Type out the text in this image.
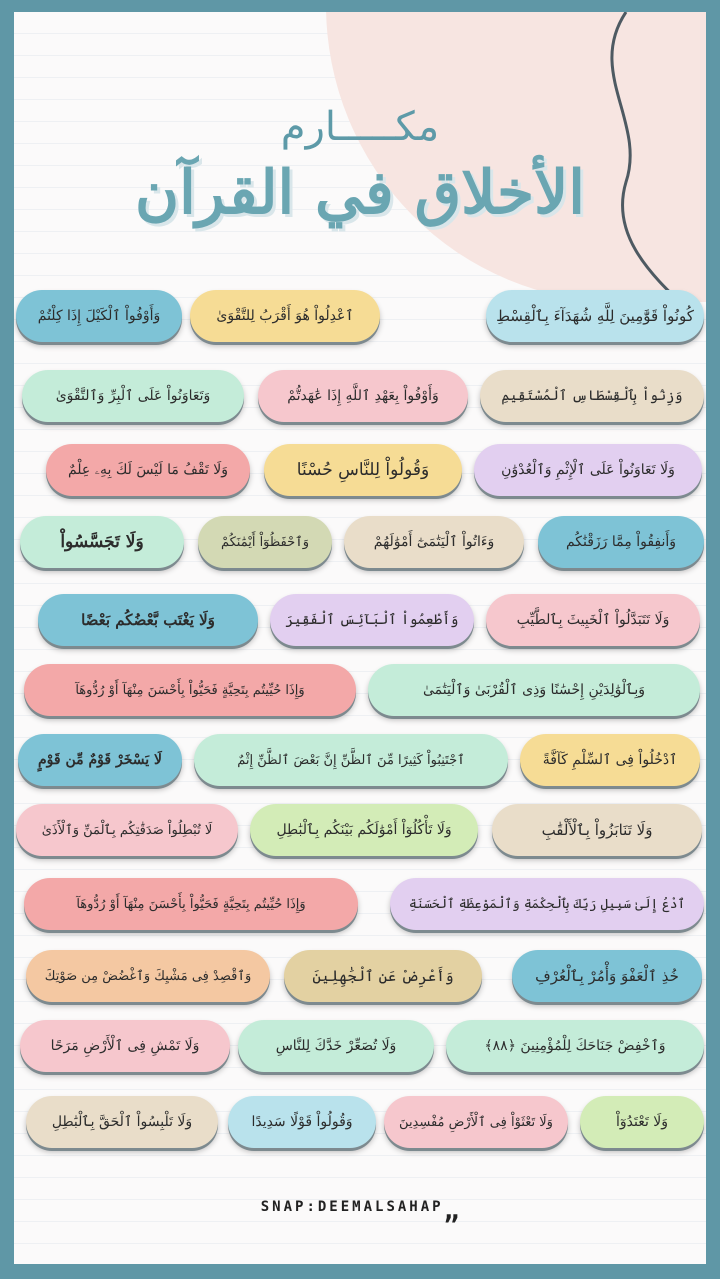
مكـــــارم
الأخلاق في القرآن
كُونُواْ قَوَّٰمِينَ لِلَّهِ شُهَدَآءَ بِٱلْقِسْطِ
ٱعْدِلُواْ هُوَ أَقْرَبُ لِلتَّقْوَىٰ
وَأَوْفُواْ ٱلْكَيْلَ إِذَا كِلْتُمْ
وَزِنُواْ بِٱلْقِسْطَاسِ ٱلْمُسْتَقِيمِ
وَأَوْفُواْ بِعَهْدِ ٱللَّهِ إِذَا عَٰهَدتُّمْ
وَتَعَاوَنُواْ عَلَى ٱلْبِرِّ وَٱلتَّقْوَىٰ
وَلَا تَعَاوَنُواْ عَلَى ٱلْإِثْمِ وَٱلْعُدْوَٰنِ
وَقُولُواْ لِلنَّاسِ حُسْنًا
وَلَا تَقْفُ مَا لَيْسَ لَكَ بِهِۦ عِلْمٌ
وَأَنفِقُواْ مِمَّا رَزَقْنَٰكُم
وَءَاتُواْ ٱلْيَتَٰمَىٰٓ أَمْوَٰلَهُمْ
وَٱحْفَظُوٓاْ أَيْمَٰنَكُمْ
وَلَا تَجَسَّسُواْ
وَلَا تَتَبَدَّلُواْ ٱلْخَبِيثَ بِٱلطَّيِّبِ
وَأَطْعِمُواْ ٱلْبَآئِسَ ٱلْفَقِيرَ
وَلَا يَغْتَب بَّعْضُكُم بَعْضًا
وَبِٱلْوَٰلِدَيْنِ إِحْسَٰنًا وَذِى ٱلْقُرْبَىٰ وَٱلْيَتَٰمَىٰ
وَإِذَا حُيِّيتُم بِتَحِيَّةٍ فَحَيُّواْ بِأَحْسَنَ مِنْهَآ أَوْ رُدُّوهَآ
ٱدْخُلُواْ فِى ٱلسِّلْمِ كَآفَّةً
ٱجْتَنِبُواْ كَثِيرًا مِّنَ ٱلظَّنِّ إِنَّ بَعْضَ ٱلظَّنِّ إِثْمٌ
لَا يَسْخَرْ قَوْمٌ مِّن قَوْمٍ
وَلَا تَنَابَزُواْ بِٱلْأَلْقَٰبِ
وَلَا تَأْكُلُوٓاْ أَمْوَٰلَكُم بَيْنَكُم بِٱلْبَٰطِلِ
لَا تُبْطِلُواْ صَدَقَٰتِكُم بِٱلْمَنِّ وَٱلْأَذَىٰ
ٱدْعُ إِلَىٰ سَبِيلِ رَبِّكَ بِٱلْحِكْمَةِ وَٱلْمَوْعِظَةِ ٱلْحَسَنَةِ
وَإِذَا حُيِّيتُم بِتَحِيَّةٍ فَحَيُّواْ بِأَحْسَنَ مِنْهَآ أَوْ رُدُّوهَآ
خُذِ ٱلْعَفْوَ وَأْمُرْ بِٱلْعُرْفِ
وَأَعْرِضْ عَنِ ٱلْجَٰهِلِينَ
وَٱقْصِدْ فِى مَشْيِكَ وَٱغْضُضْ مِن صَوْتِكَ
وَٱخْفِضْ جَنَاحَكَ لِلْمُؤْمِنِينَ ﴿٨٨﴾
وَلَا تُصَعِّرْ خَدَّكَ لِلنَّاسِ
وَلَا تَمْشِ فِى ٱلْأَرْضِ مَرَحًا
وَلَا تَعْتَدُوٓاْ
وَلَا تَعْثَوْاْ فِى ٱلْأَرْضِ مُفْسِدِينَ
وَقُولُواْ قَوْلًا سَدِيدًا
وَلَا تَلْبِسُواْ ٱلْحَقَّ بِٱلْبَٰطِلِ
SNAP:DEEMALSAHAP„
